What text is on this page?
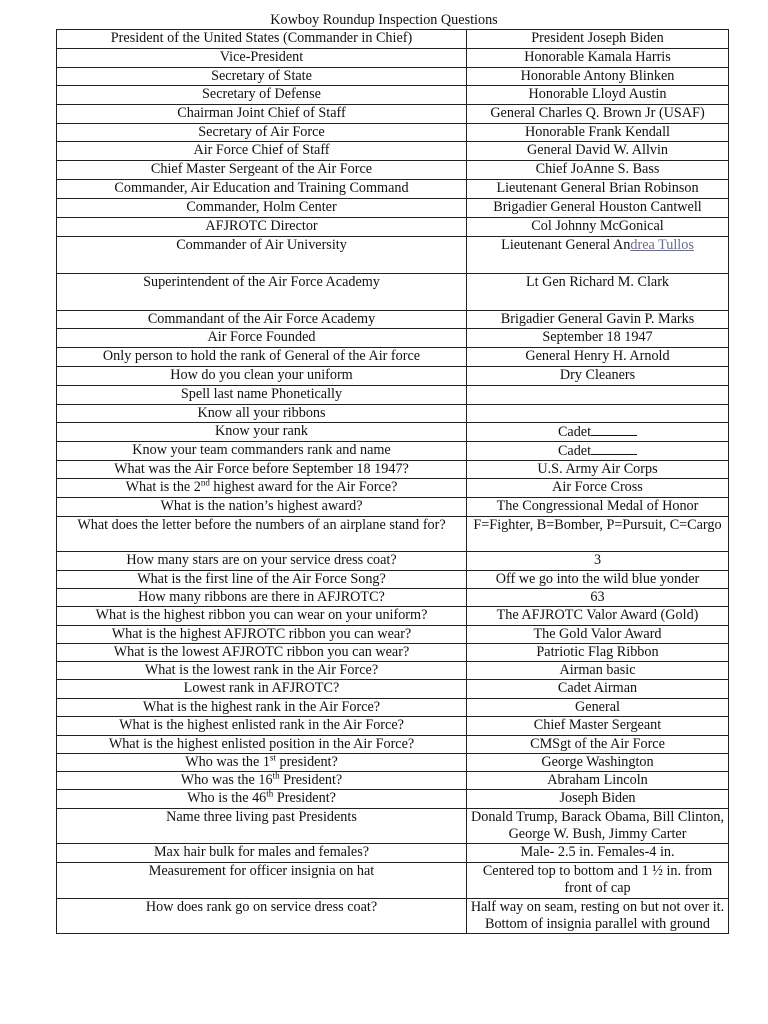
Kowboy Roundup Inspection Questions
President of the United States (Commander in Chief)	President Joseph Biden
Vice-President	Honorable Kamala Harris
Secretary of State	Honorable Antony Blinken
Secretary of Defense	Honorable Lloyd Austin
Chairman Joint Chief of Staff	General Charles Q. Brown Jr (USAF)
Secretary of Air Force	Honorable Frank Kendall
Air Force Chief of Staff	General David W. Allvin
Chief Master Sergeant of the Air Force	Chief JoAnne S. Bass
Commander, Air Education and Training Command	Lieutenant General Brian Robinson
Commander, Holm Center	Brigadier General Houston Cantwell
AFJROTC Director	Col Johnny McGonical
Commander of Air University	Lieutenant General Andrea Tullos
Superintendent of the Air Force Academy	Lt Gen Richard M. Clark
Commandant of the Air Force Academy	Brigadier General Gavin P. Marks
Air Force Founded	September 18 1947
Only person to hold the rank of General of the Air force	General Henry H. Arnold
How do you clean your uniform	Dry Cleaners
Spell last name Phonetically	
Know all your ribbons	
Know your rank	Cadet
Know your team commanders rank and name	Cadet
What was the Air Force before September 18 1947?	U.S. Army Air Corps
What is the 2nd highest award for the Air Force?	Air Force Cross
What is the nation’s highest award?	The Congressional Medal of Honor
What does the letter before the numbers of an airplane stand for?	F=Fighter, B=Bomber, P=Pursuit, C=Cargo
How many stars are on your service dress coat?	3
What is the first line of the Air Force Song?	Off we go into the wild blue yonder
How many ribbons are there in AFJROTC?	63
What is the highest ribbon you can wear on your uniform?	The AFJROTC Valor Award (Gold)
What is the highest AFJROTC ribbon you can wear?	The Gold Valor Award
What is the lowest AFJROTC ribbon you can wear?	Patriotic Flag Ribbon
What is the lowest rank in the Air Force?	Airman basic
Lowest rank in AFJROTC?	Cadet Airman
What is the highest rank in the Air Force?	General
What is the highest enlisted rank in the Air Force?	Chief Master Sergeant
What is the highest enlisted position in the Air Force?	CMSgt of the Air Force
Who was the 1st president?	George Washington
Who was the 16th President?	Abraham Lincoln
Who is the 46th President?	Joseph Biden
Name three living past Presidents	Donald Trump, Barack Obama, Bill Clinton, George W. Bush, Jimmy Carter
Max hair bulk for males and females?	Male- 2.5 in. Females-4 in.
Measurement for officer insignia on hat	Centered top to bottom and 1 ½ in. from front of cap
How does rank go on service dress coat?	Half way on seam, resting on but not over it. Bottom of insignia parallel with ground
